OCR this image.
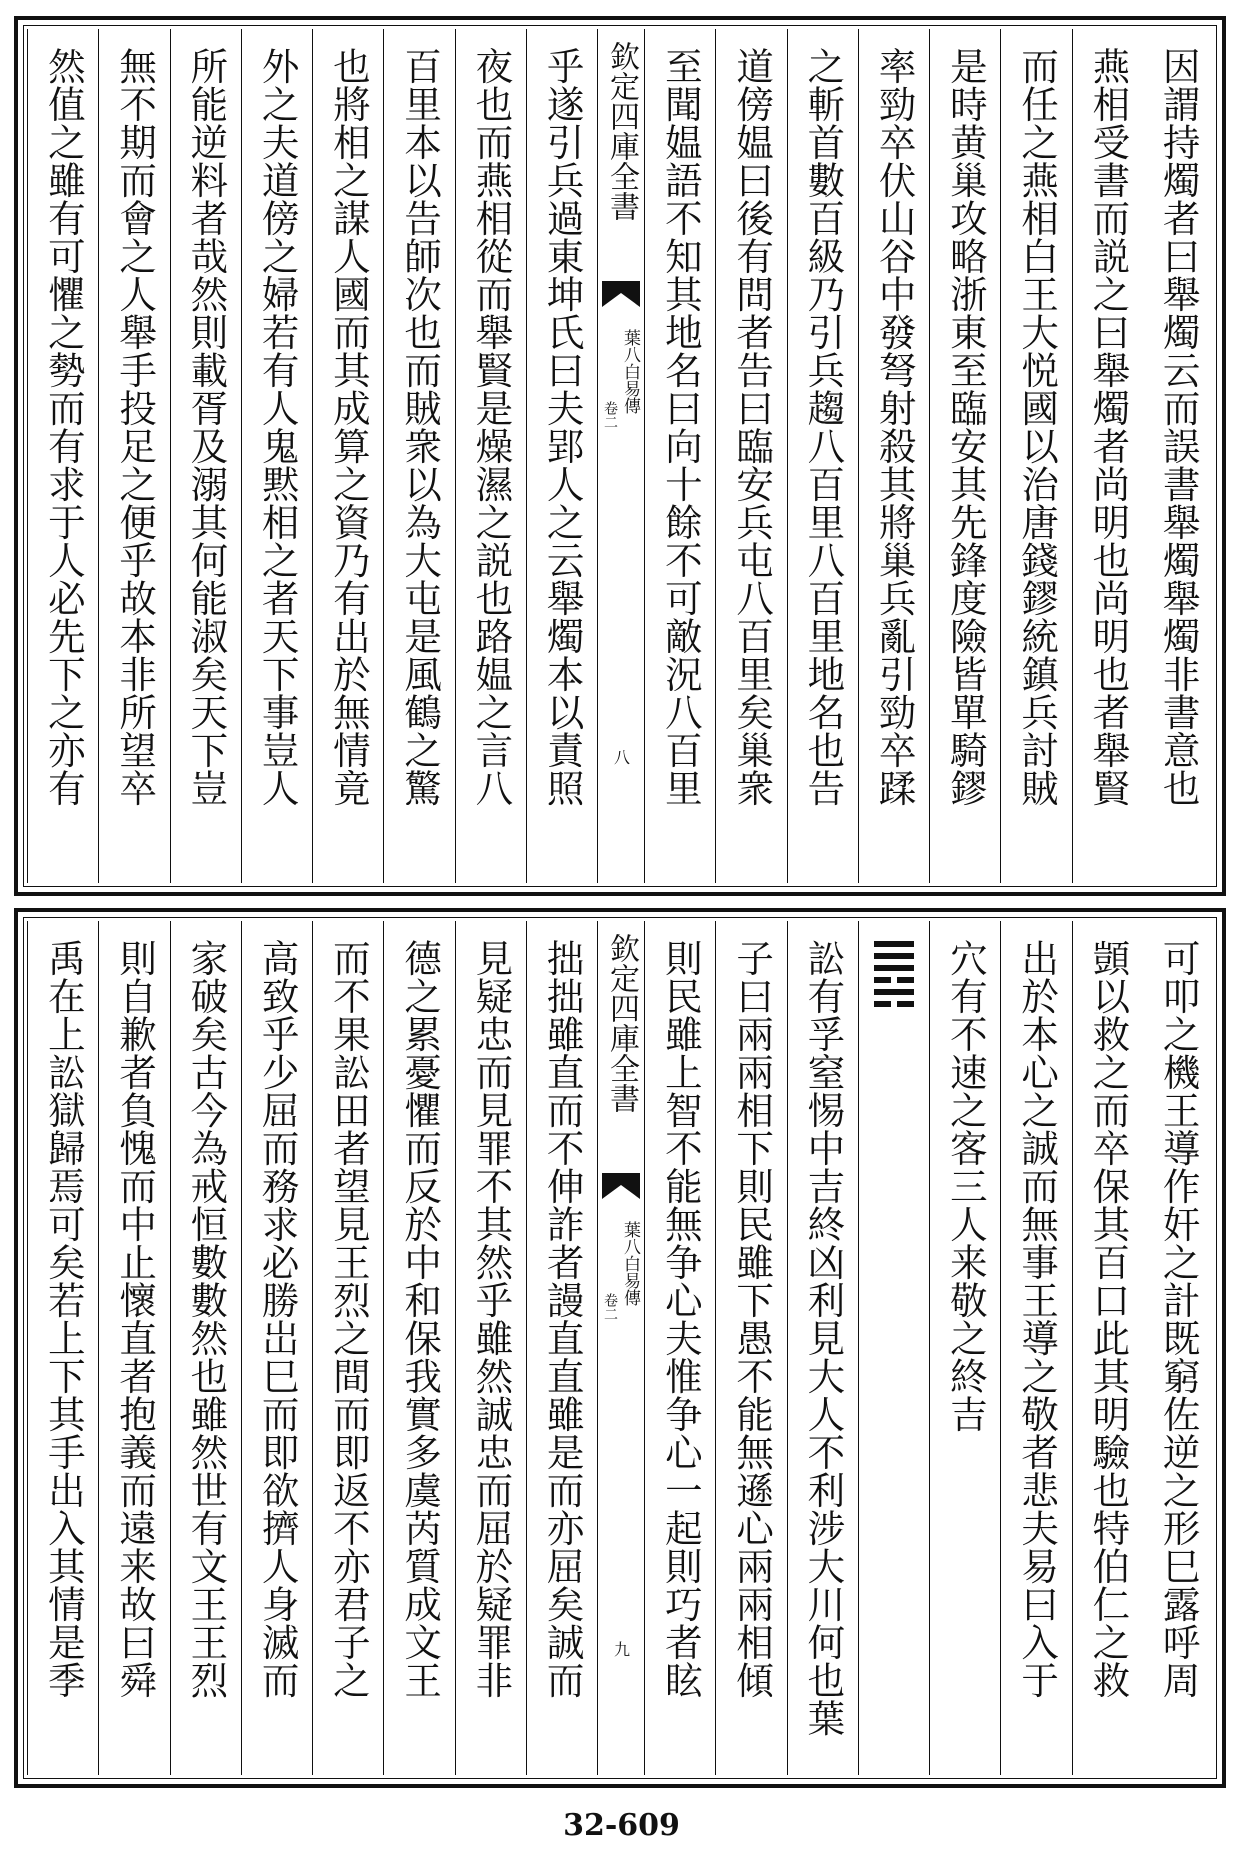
因謂持燭者曰舉燭云而誤書舉燭舉燭非書意也
燕相受書而説之曰舉燭者尚明也尚明也者舉賢
而任之燕相白王大悦國以治唐錢鏐統鎮兵討賊
是時黄巢攻略浙東至臨安其先鋒度險皆單騎鏐
率勁卒伏山谷中發弩射殺其將巢兵亂引勁卒蹂
之斬首數百級乃引兵趨八百里八百里地名也告
道傍媪曰後有問者告曰臨安兵屯八百里矣巢衆
至聞媪語不知其地名曰向十餘不可敵況八百里
欽定四庫全書
葉八白易傳
卷二
八
乎遂引兵過東坤氏曰夫郢人之云舉燭本以責照
夜也而燕相從而舉賢是燥濕之説也路媪之言八
百里本以告師次也而賊衆以為大屯是風鶴之驚
也將相之謀人國而其成算之資乃有出於無情竟
外之夫道傍之婦若有人鬼黙相之者天下事豈人
所能逆料者哉然則載胥及溺其何能淑矣天下豈
無不期而會之人舉手投足之便乎故本非所望卒
然值之雖有可懼之勢而有求于人必先下之亦有
可叩之機王導作奸之計既窮佐逆之形巳露呼周
顗以救之而卒保其百口此其明驗也特伯仁之救
出於本心之誠而無事王導之敬者悲夫易曰入于
穴有不速之客三人来敬之終吉
訟有孚窒惕中吉終凶利見大人不利涉大川何也葉
子曰兩兩相下則民雖下愚不能無遜心兩兩相傾
則民雖上智不能無争心夫惟争心一起則巧者眩
欽定四庫全書
葉八白易傳
卷二
九
拙拙雖直而不伸詐者謾直直雖是而亦屈矣誠而
見疑忠而見罪不其然乎雖然誠忠而屈於疑罪非
德之累憂懼而反於中和保我實多虞芮質成文王
而不果訟田者望見王烈之間而即返不亦君子之
高致乎少屈而務求必勝岀巳而即欲擠人身滅而
家破矣古今為戒恒數數然也雖然世有文王王烈
則自歉者負愧而中止懷直者抱義而遠来故曰舜
禹在上訟獄歸焉可矣若上下其手出入其情是季
32-609
